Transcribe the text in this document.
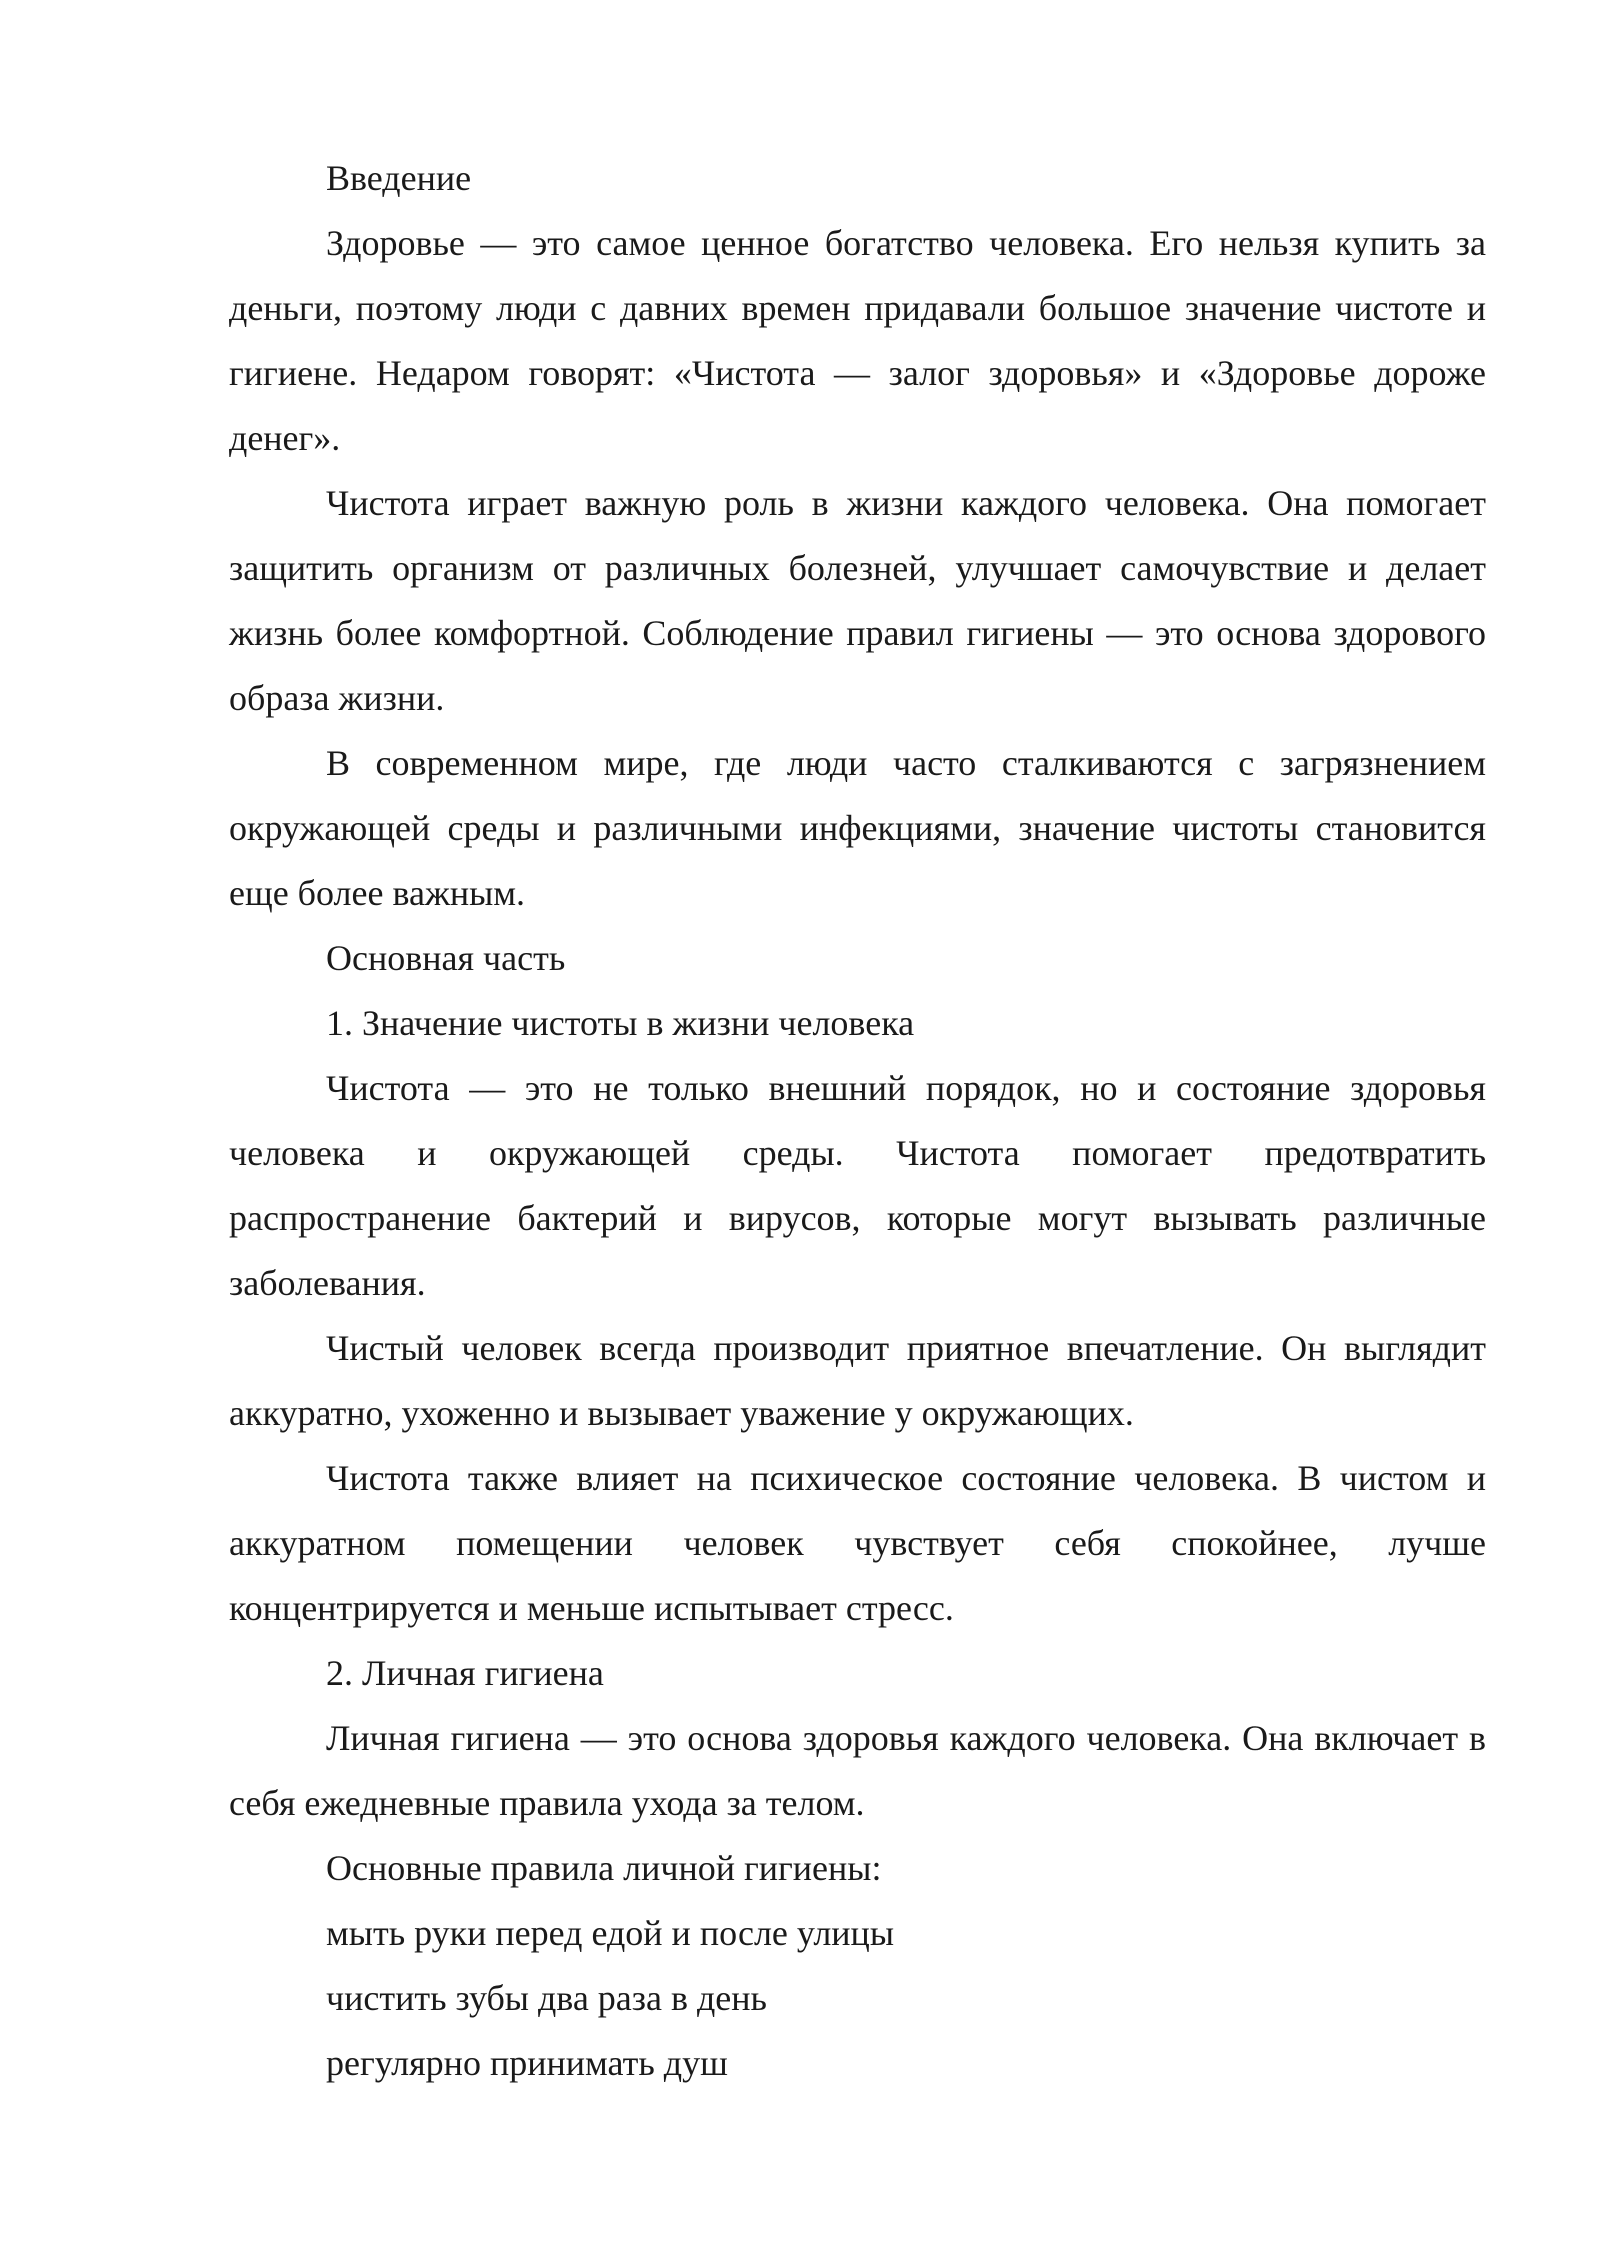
Введение

Здоровье — это самое ценное богатство человека. Его нельзя купить за деньги, поэтому люди с давних времен придавали большое значение чистоте и гигиене. Недаром говорят: «Чистота — залог здоровья» и «Здоровье дороже денег».

Чистота играет важную роль в жизни каждого человека. Она помогает защитить организм от различных болезней, улучшает самочувствие и делает жизнь более комфортной. Соблюдение правил гигиены — это основа здорового образа жизни.

В современном мире, где люди часто сталкиваются с загрязнением окружающей среды и различными инфекциями, значение чистоты становится еще более важным.

Основная часть

1. Значение чистоты в жизни человека

Чистота — это не только внешний порядок, но и состояние здоровья человека и окружающей среды. Чистота помогает предотвратить распространение бактерий и вирусов, которые могут вызывать различные заболевания.

Чистый человек всегда производит приятное впечатление. Он выглядит аккуратно, ухоженно и вызывает уважение у окружающих.

Чистота также влияет на психическое состояние человека. В чистом и аккуратном помещении человек чувствует себя спокойнее, лучше концентрируется и меньше испытывает стресс.

2. Личная гигиена

Личная гигиена — это основа здоровья каждого человека. Она включает в себя ежедневные правила ухода за телом.

Основные правила личной гигиены:

мыть руки перед едой и после улицы

чистить зубы два раза в день

регулярно принимать душ
